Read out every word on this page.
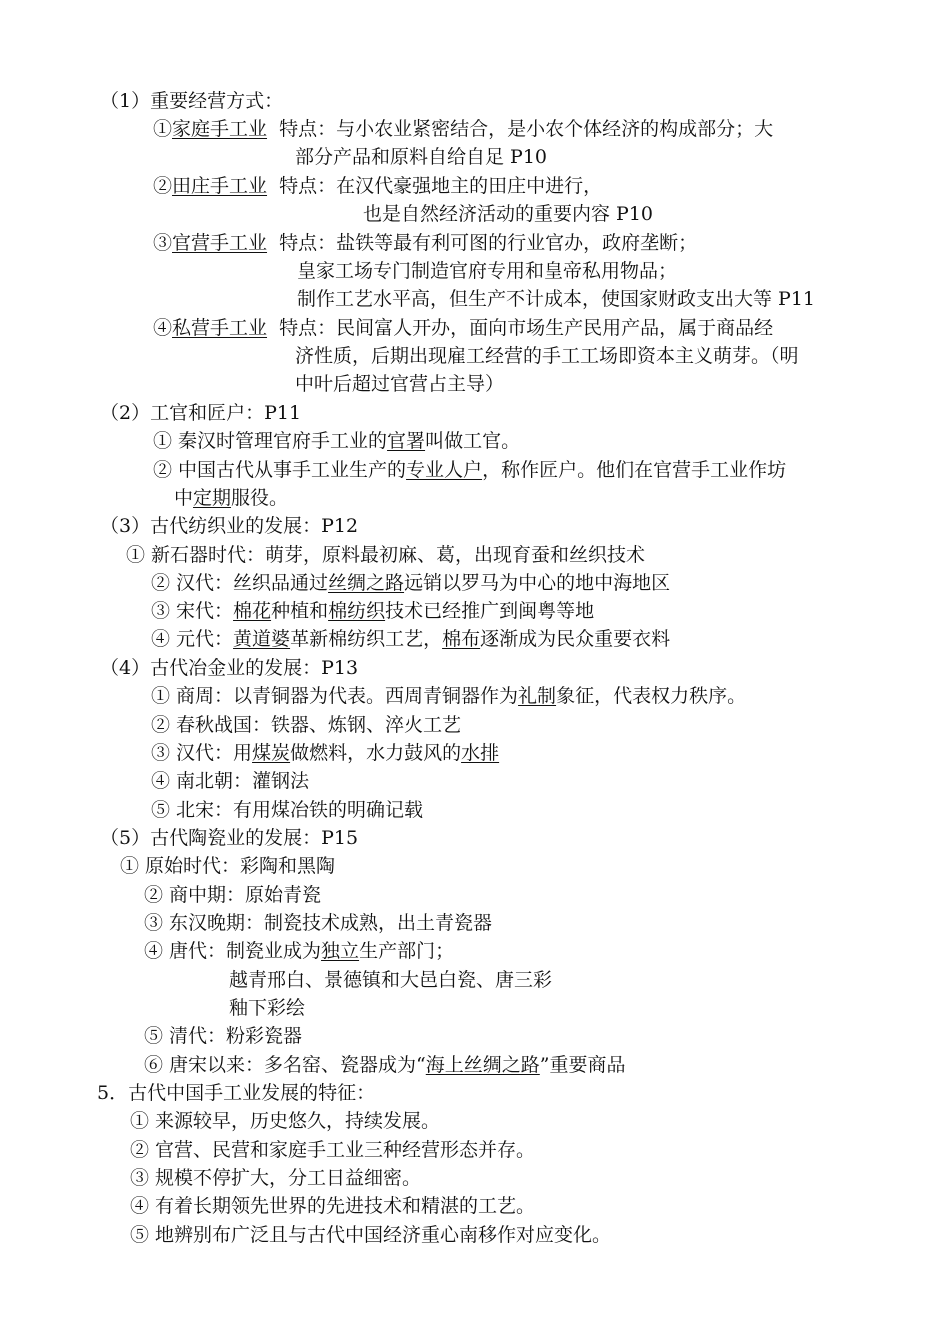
（1）重要经营方式：
①家庭手工业 特点：与小农业紧密结合，是小农个体经济的构成部分；大
部分产品和原料自给自足 P10
②田庄手工业 特点：在汉代豪强地主的田庄中进行，
也是自然经济活动的重要内容 P10
③官营手工业 特点：盐铁等最有利可图的行业官办，政府垄断；
皇家工场专门制造官府专用和皇帝私用物品；
制作工艺水平高，但生产不计成本，使国家财政支出大等 P11
④私营手工业 特点：民间富人开办，面向市场生产民用产品，属于商品经
济性质，后期出现雇工经营的手工工场即资本主义萌芽。（明
中叶后超过官营占主导）
（2）工官和匠户：P11
① 秦汉时管理官府手工业的官署叫做工官。
② 中国古代从事手工业生产的专业人户，称作匠户。他们在官营手工业作坊
中定期服役。
（3）古代纺织业的发展：P12
① 新石器时代：萌芽，原料最初麻、葛，出现育蚕和丝织技术
② 汉代：丝织品通过丝绸之路远销以罗马为中心的地中海地区
③ 宋代：棉花种植和棉纺织技术已经推广到闽粤等地
④ 元代：黄道婆革新棉纺织工艺，棉布逐渐成为民众重要衣料
（4）古代冶金业的发展：P13
① 商周：以青铜器为代表。西周青铜器作为礼制象征，代表权力秩序。
② 春秋战国：铁器、炼钢、淬火工艺
③ 汉代：用煤炭做燃料，水力鼓风的水排
④ 南北朝：灌钢法
⑤ 北宋：有用煤冶铁的明确记载
（5）古代陶瓷业的发展：P15
① 原始时代：彩陶和黑陶
② 商中期：原始青瓷
③ 东汉晚期：制瓷技术成熟，出土青瓷器
④ 唐代：制瓷业成为独立生产部门；
越青邢白、景德镇和大邑白瓷、唐三彩
釉下彩绘
⑤ 清代：粉彩瓷器
⑥ 唐宋以来：多名窑、瓷器成为“海上丝绸之路”重要商品
5．古代中国手工业发展的特征：
① 来源较早，历史悠久，持续发展。
② 官营、民营和家庭手工业三种经营形态并存。
③ 规模不停扩大，分工日益细密。
④ 有着长期领先世界的先进技术和精湛的工艺。
⑤ 地辨别布广泛且与古代中国经济重心南移作对应变化。
